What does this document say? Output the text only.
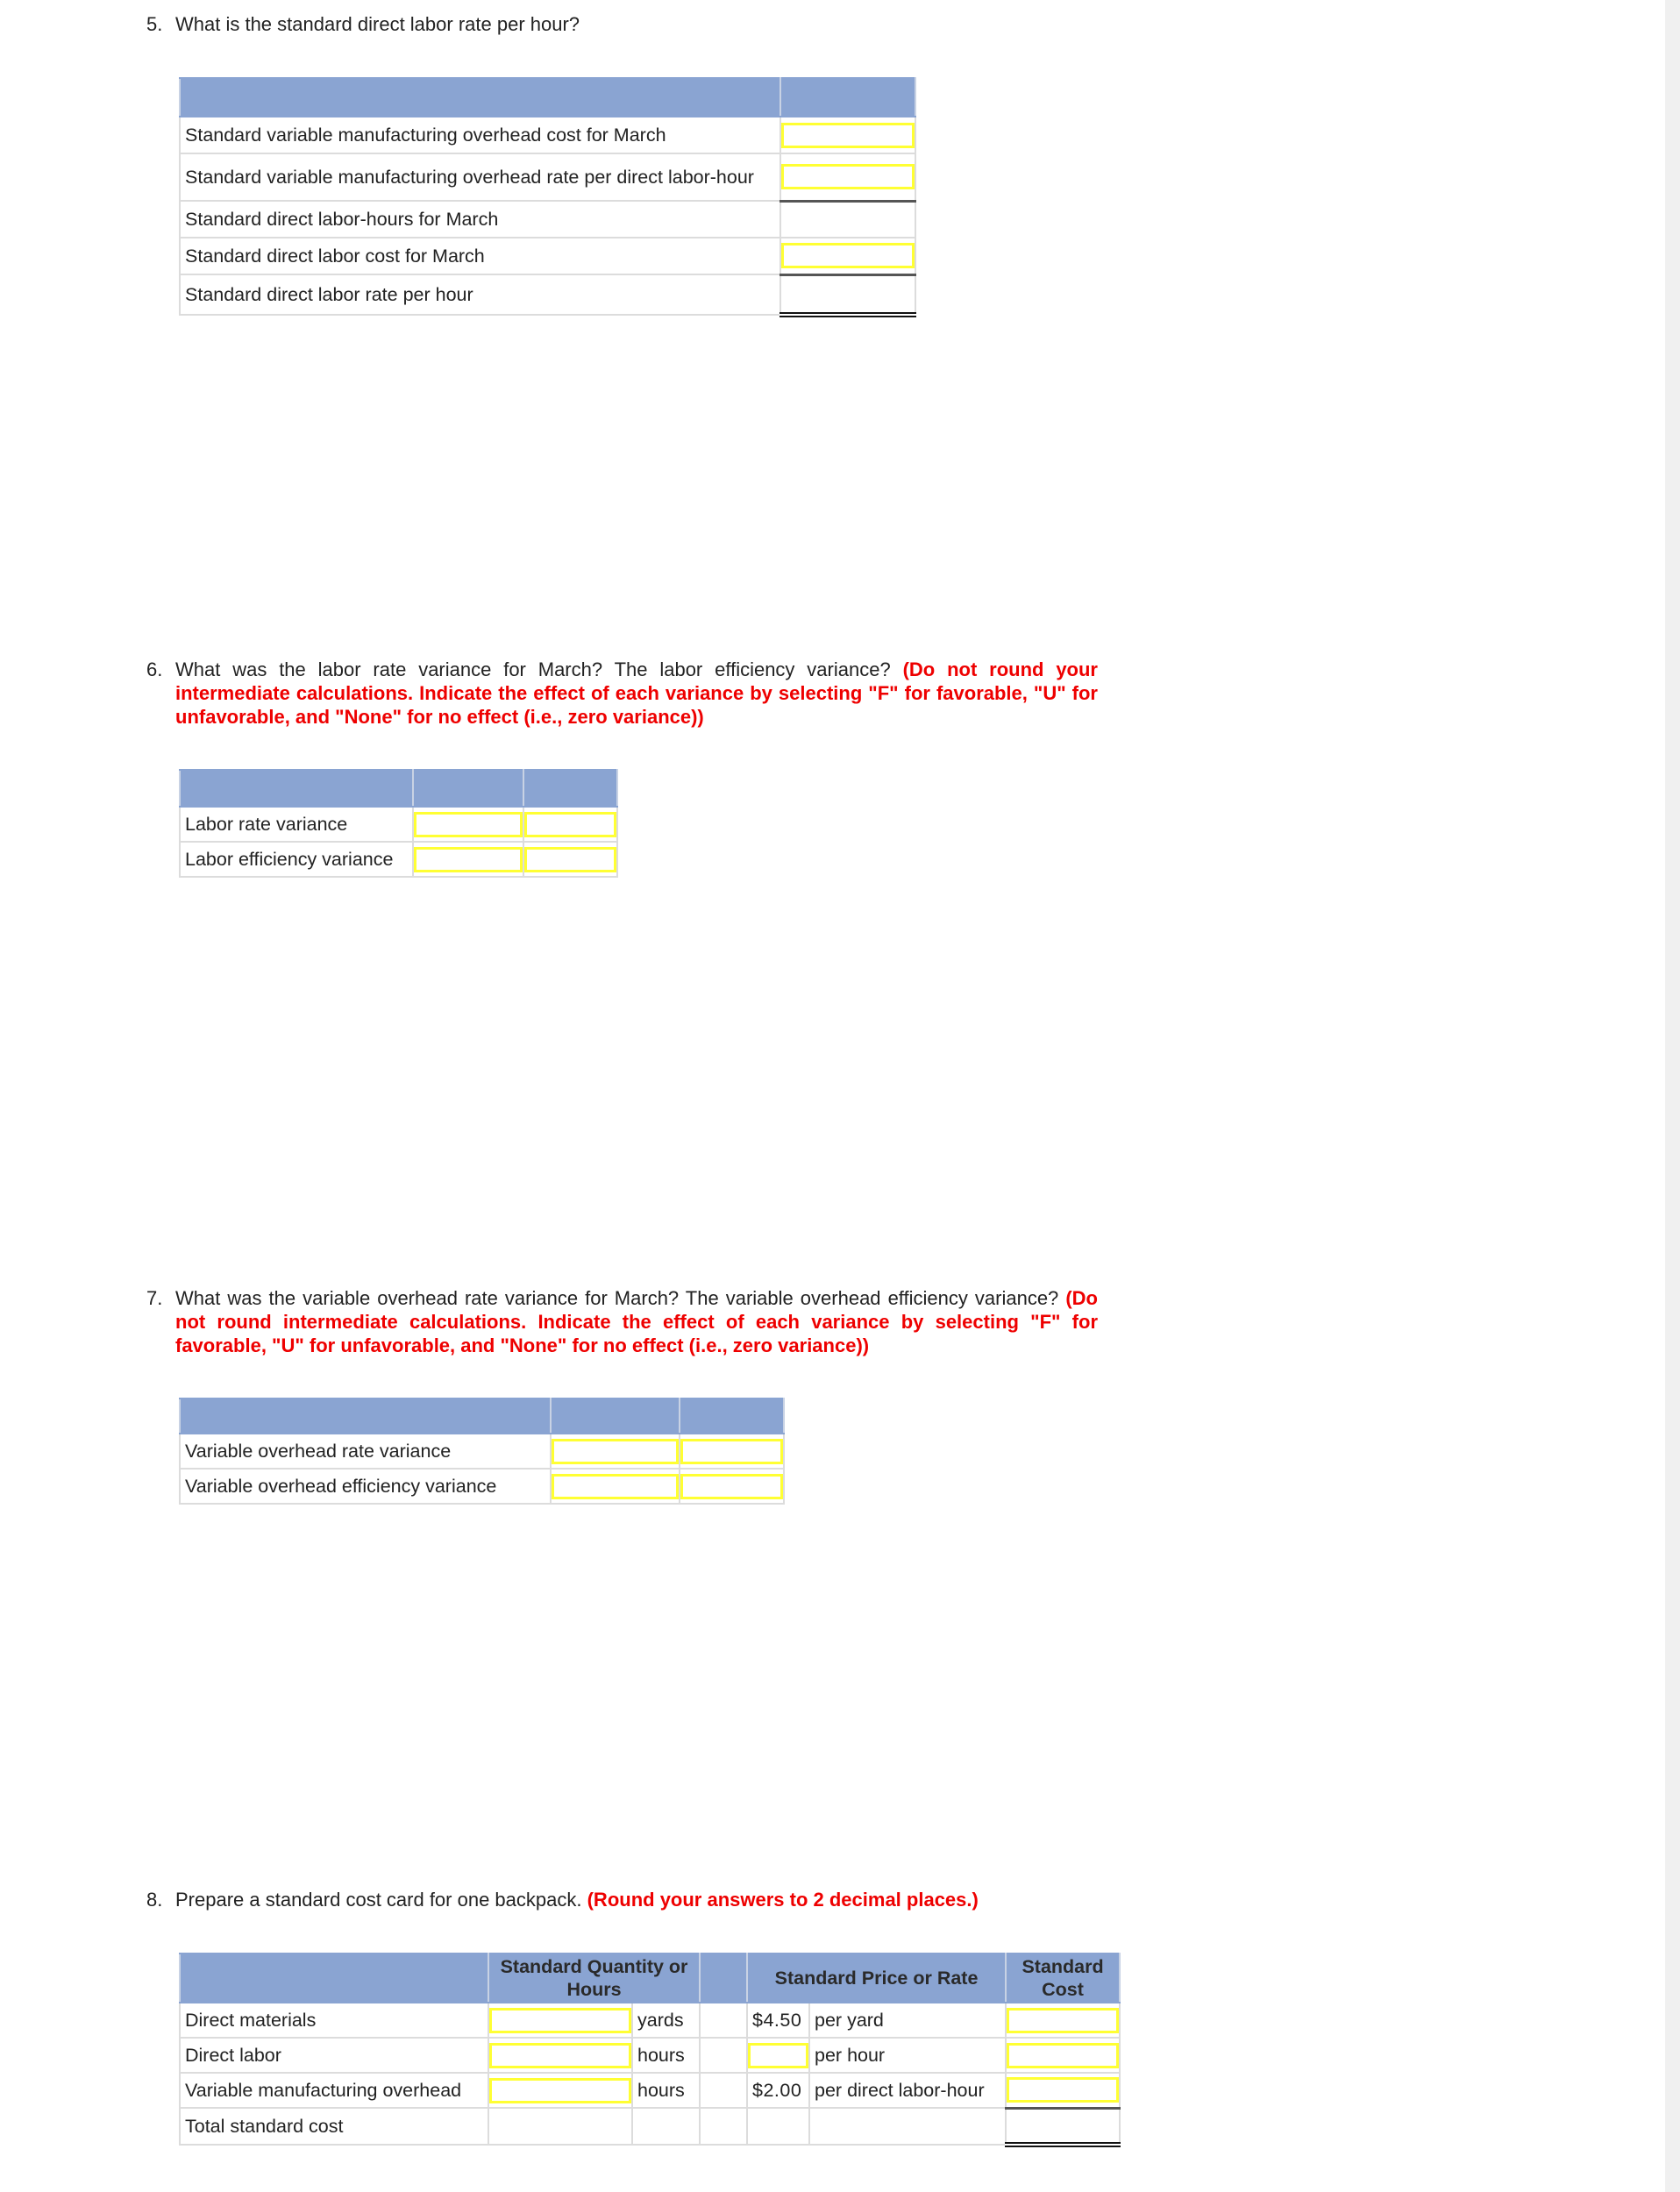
5. What is the standard direct labor rate per hour?

Standard variable manufacturing overhead cost for March	

Standard variable manufacturing overhead rate per direct labor-hour	

Standard direct labor-hours for March	
Standard direct labor cost for March	

Standard direct labor rate per hour	
6. What was the labor rate variance for March? The labor efficiency variance? (Do not round your intermediate calculations. Indicate the effect of each variance by selecting "F" for favorable, "U" for unfavorable, and "None" for no effect (i.e., zero variance))

Labor rate variance	

Labor efficiency variance	

7. What was the variable overhead rate variance for March? The variable overhead efficiency variance? (Do not round intermediate calculations. Indicate the effect of each variance by selecting "F" for favorable, "U" for unfavorable, and "None" for no effect (i.e., zero variance))

Variable overhead rate variance	

Variable overhead efficiency variance	

8. Prepare a standard cost card for one backpack. (Round your answers to 2 decimal places.)
	Standard Quantity or Hours			Standard Price or Rate		Standard Cost
Direct materials		yards		$4.50	per yard	

Direct labor		hours			per hour	

Variable manufacturing overhead		hours		$2.00	per direct labor-hour	

Total standard cost						
